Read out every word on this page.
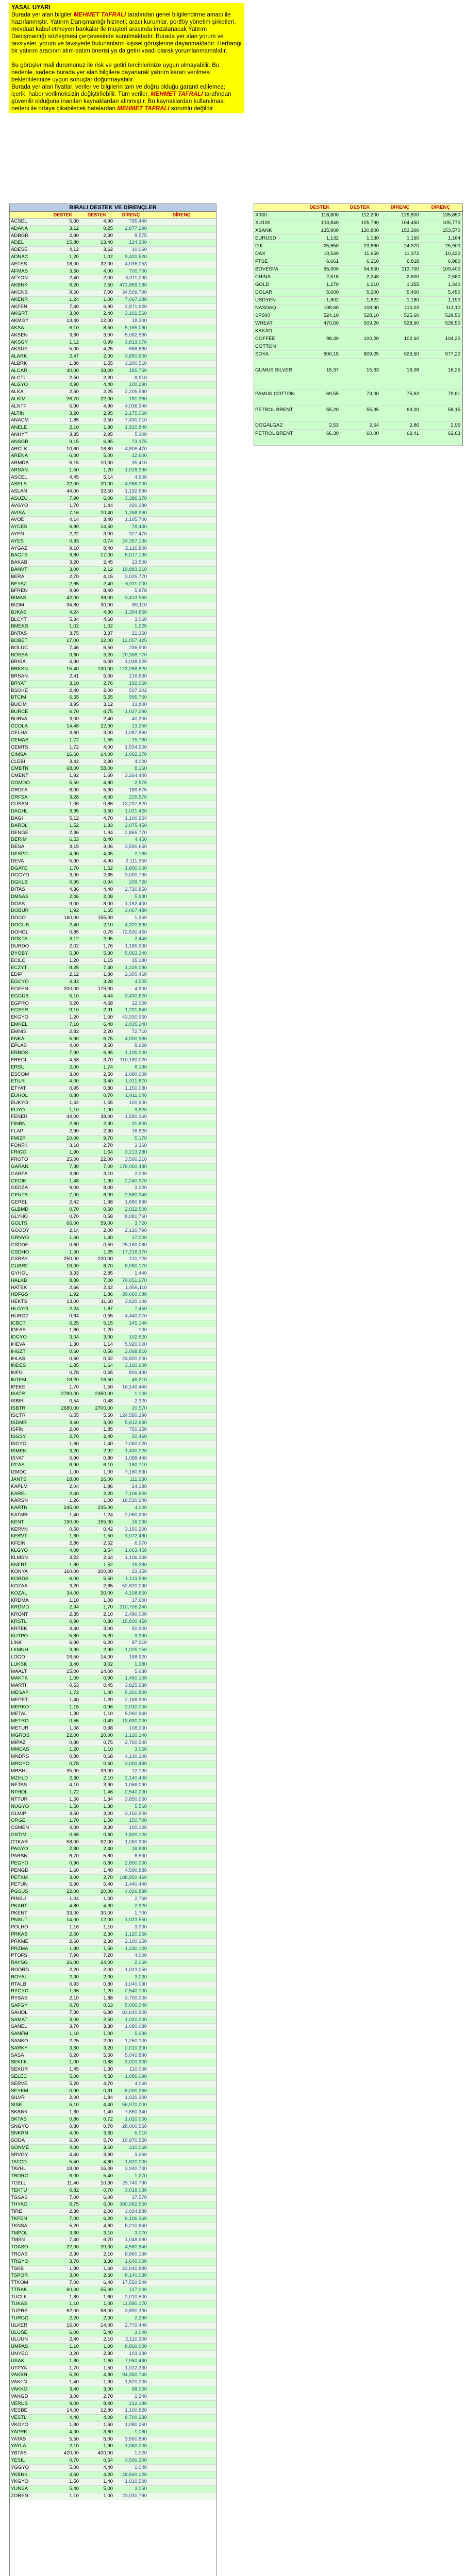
YASAL UYARI

Burada yer alan bilgiler MEHMET TAFRALI tarafından genel bilgilendirme amacı ile hazırlanmıştır. Yatırım Danışmanlığı hizmeti; aracı kurumlar, portföy yönetim şirketleri, mevduat kabul etmeyen bankalar ile müşteri arasında imzalanacak Yatırım Danışmanlığı sözleşmesi çerçevesinde sunulmaktadır. Burada yer alan yorum ve tavsiyeler, yorum ve tavsiyede bulunanların kişisel görüşlerine dayanmaktadır. Herhangi bir yatırım aracının alım-satım önerisi ya da getiri vaadi olarak yorumlanmamalıdır.

Bu görüşler mali durumunuz ile risk ve getiri tercihlerinize uygun olmayabilir. Bu nedenle, sadece burada yer alan bilgilere dayanarak yatırım kararı verilmesi beklentilerinize uygun sonuçlar doğurmayabilir.

Burada yer alan fiyatlar, veriler ve bilgilerin tam ve doğru olduğu garanti edilemez; içerik, haber verilmeksizin değiştirilebilir. Tüm veriler, MEHMET TAFRALI tarafından güvenilir olduğuna inanılan kaynaklardan alınmıştır. Bu kaynaklardan kullanılması nedeni ile ortaya çıkabilecek hatalardan MEHMET TAFRALI sorumlu değildir.

BIRALI DESTEK VE DİRENÇLER
DESTEK	DESTEK	DİRENÇ	DİRENÇ
ACSEL	5,30	4,90	795,440
ADANA	3,12	0,25	2,877,290
ADBGR	2,80	2,30	8,575
ADEL	15,80	13,40	124,300
ADESE	4,12	3,62	10,060
ADNAC	1,20	1,02	9,420,520
AEFES	18,00	32,00	4,036,053
AFMAS	3,60	4,00	700,700
AFYON	2,40	2,00	3,011,090
AKBNK	6,20	7,50	471,869,080
AKCNS	9,50	7,00	34,509,790
AKENR	1,24	1,00	7,067,380
AKFEN	7,40	6,90	2,871,920
AKGRT	3,00	2,40	3,101,560
AKMGY	13,40	12,00	18,300
AKSA	6,10	8,50	5,165,080
AKSEN	3,60	3,00	5,082,560
AKSGY	1,12	0,99	3,813,070
AKSUE	5,00	4,25	688,660
ALARK	2,47	2,00	3,850,600
ALBRK	1,80	1,55	3,200,510
ALCAR	40,00	38,00	185,750
ALCTL	2,50	2,20	8,910
ALGYO	4,90	4,40	100,290
ALKA	2,50	2,25	2,205,580
ALKIM	26,70	22,00	181,360
ALNTF	5,90	4,90	4,036,940
ALTIN	3,20	2,95	2,175,060
ANACM	1,85	2,50	7,430,010
ANELE	2,10	1,90	1,910,840
ANHYT	3,35	2,95	5,300
ANSGR	9,15	6,85	73,375
ARCLK	10,60	16,80	4,806,470
ARENA	6,00	5,00	12,600
ARMDA	6,15	10,00	35,410
ARSAN	1,50	1,20	1,028,390
ASCEL	4,45	5,14	4,600
ASELS	22,00	20,00	4,966,000
ASLAN	44,00	32,50	1,192,690
ASUZU	7,90	6,00	3,386,370
AVGYO	1,70	1,44	420,380
AVISA	7,16	10,40	1,268,960
AVOD	4,14	3,40	1,105,700
AYCES	6,80	14,50	78,440
AYEN	2,22	3,00	327,470
AYES	0,93	0,74	24,397,130
AYGAZ	9,10	8,40	2,116,800
BAGFS	9,80	17,00	5,017,130
BAKAB	3,20	2,45	13,500
BANVT	3,00	2,12	19,883,310
BERA	2,70	4,15	3,025,770
BEYAZ	2,65	2,40	6,011,000
BFREN	9,90	8,40	5,878
BIMAS	42,00	38,00	3,413,960
BIZIM	34,80	30,00	89,110
BJKAS	4,24	4,80	1,394,856
BLCYT	5,34	4,60	3,060
BMEKS	1,02	1,02	1,225
BNTAS	3,75	3,37	21,360
BOBET	17,00	32,00	12,057,425
BOLUC	7,46	6,50	236,900
BOSSA	3,60	3,20	20,358,770
BRISA	4,30	6,00	1,038,920
BRKSN	15,40	130,00	123,068,620
BRSAN	2,41	5,00	216,630
BRYAT	3,10	2,76	192,060
BSOKE	2,40	2,00	507,302
BTCIM	6,55	5,55	995,750
BUCIM	3,95	3,12	33,800
BURCE	6,70	6,75	1,027,290
BURVA	3,00	2,40	40,200
CCOLA	14,48	22,00	13,250
CELHA	3,60	3,00	1,087,860
CEMAS	1,72	1,55	15,760
CEMTS	1,72	4,00	1,534,950
CIMSA	16,60	14,00	1,062,270
CLEBI	3,42	2,80	4,000
CMBTN	68,00	58,00	8,160
CMENT	1,92	1,60	3,264,440
COMDO	5,50	4,80	2,575
CRDFA	6,00	5,30	189,575
CRFSA	3,28	4,00	225,570
CUSAN	1,06	0,86	13,237,820
DAGHL	3,95	3,60	1,021,420
DAGI	5,12	4,70	1,100,964
DARDL	1,52	1,33	2,075,450
DENGE	2,36	1,94	2,865,770
DERIM	6,53	8,40	4,450
DESA	3,15	3,06	3,590,650
DESPC	4,90	4,35	2,180
DEVA	5,30	4,90	2,111,350
DGATE	1,70	1,62	1,800,000
DGGYO	3,00	2,65	3,000,790
DGKLB	0,95	0,94	209,720
DITAS	4,36	4,40	2,720,850
DMSAS	2,46	2,08	5,930
DOAS	9,00	8,00	1,162,400
DOBUR	1,92	1,65	3,067,480
DOCO	160,00	155,00	1,250
DOGUB	2,40	2,10	4,320,630
DOHOL	0,85	0,76	72,500,460
DOKTA	3,12	2,95	2,440
DURDO	2,02	1,76	1,185,930
DYOBY	5,30	5,30	5,063,340
ECILC	1,20	1,15	35,180
ECZYT	8,25	7,40	1,225,080
EDIP	2,12	1,80	2,305,460
EGCYO	4,32	3,28	4,525
EGEEN	200,00	175,00	4,900
EGGUB	5,10	4,44	3,430,620
EGPRO	5,20	4,68	12,000
EGSER	3,10	2,91	1,231,640
EKGYO	1,20	1,00	43,330,960
EMKEL	7,10	6,40	2,035,240
EMNIS	2,82	2,20	72,710
ENKAI	5,90	6,75	4,000,980
EPLAS	4,00	3,50	8,620
ERBOS	7,90	6,95	1,105,000
EREGL	4,58	3,70	110,180,020
ERSU	2,00	1,74	8,180
ESCOM	3,00	2,50	1,080,000
ETILR	4,00	3,40	1,011,870
ETYAT	0,95	0,80	1,150,080
EUHOL	0,80	0,70	1,011,040
EUKYO	1,62	1,55	120,900
EUYO	1,10	1,00	9,820
FENER	44,00	38,00	1,580,360
FINBN	2,60	2,30	31,600
FLAP	2,90	2,30	16,820
FMIZP	10,00	9,70	5,170
FONFK	3,10	2,70	3,360
FRIGO	1,90	1,64	3,213,280
FROTO	25,00	22,00	3,500,210
GARAN	7,30	7,00	178,060,480
GARFA	3,80	3,10	2,000
GEDIK	1,48	1,30	2,240,370
GEDZA	9,00	8,00	3,220
GENTS	7,00	6,00	2,580,340
GEREL	2,42	1,98	1,680,890
GLBMD	0,70	0,60	2,022,500
GLYHO	0,70	0,58	8,081,760
GOLTS	66,00	59,00	3,720
GOODY	2,14	2,00	2,120,790
GRNYO	1,60	1,40	17,000
GSDDE	0,60	0,59	25,160,080
GSDHO	1,50	1,25	17,218,370
GSRAY	250,00	220,00	110,720
GUBRF	16,00	8,70	8,060,170
GYHOL	3,33	2,85	1,440
HALKB	8,88	7,00	70,051,670
HATEK	2,66	2,42	1,056,110
HDFGS	1,92	1,86	39,060,080
HEKTS	13,00	11,60	3,620,140
HLGYO	2,24	1,87	7,450
HURGZ	0,64	0,55	4,440,070
ICBCT	6,25	5,15	145,140
IDEAS	1,60	1,20	100
IDGYO	3,04	3,00	102,620
IHEVA	1,30	1,14	5,920,000
IHGZT	0,60	0,56	2,068,810
IHLAS	0,60	0,52	24,820,000
INDES	1,85	1,64	3,160,600
INFO	0,78	0,65	800,430
INTEM	18,20	16,50	45,210
IPEKE	1,70	1,50	16,140,440
ISATR	2780,00	2350,00	1,100
ISBIR	0,54	0,48	2,320
ISBTR	2680,00	2700,00	20,570
ISCTR	6,55	5,50	124,580,290
ISDMR	3,60	3,00	5,612,640
ISFIN	2,00	1,85	750,350
ISGSY	2,70	2,40	50,460
ISGYO	1,60	1,40	7,060,020
ISMEN	3,20	2,92	1,430,020
ISYAT	0,90	0,80	1,088,440
IZFAS	6,90	6,10	180,710
IZMDC	1,00	1,00	7,180,530
JANTS	18,00	16,00	111,230
KAPLM	2,04	1,86	24,180
KAREL	2,40	2,20	7,106,620
KARSN	1,26	1,00	18,530,940
KARTN	245,00	235,00	4,000
KATMR	1,40	1,24	2,060,200
KENT	190,00	155,00	16,030
KERVN	0,50	0,42	3,150,200
KERVT	1,60	1,50	1,072,480
KFEIN	2,80	2,52	6,970
KLGYO	4,00	3,54	1,063,450
KLMSN	3,22	2,64	1,106,340
KNFRT	1,80	1,52	15,280
KONYA	160,00	200,00	23,350
KORDS	6,00	5,50	1,113,590
KOZAA	3,20	2,85	52,620,090
KOZAL	34,00	30,00	4,108,650
KRDMA	1,10	1,00	17,600
KRDMD	2,94	1,70	210,706,240
KRONT	2,35	2,10	2,490,000
KRSTL	0,90	0,80	15,800,450
KRTEK	3,40	3,00	50,900
KUTPO	5,80	5,20	9,390
LINK	6,90	6,20	87,210
LKMNH	3,30	2,90	1,025,150
LOGO	16,50	14,00	168,920
LUKSK	3,40	3,02	1,380
MAALT	15,00	14,00	5,630
MAKTK	1,00	0,90	1,460,100
MARTI	0,53	0,45	3,825,930
MEGAP	1,72	1,40	5,201,800
MEPET	1,40	1,20	2,168,900
MERKO	1,15	0,96	2,030,000
METAL	1,30	1,10	5,060,940
METRO	0,55	0,49	13,630,000
METUR	1,08	0,98	108,000
MGROS	22,00	20,00	1,120,140
MIPAZ	0,80	0,75	2,700,540
MMCAS	1,20	1,10	3,050
MNDRS	0,80	0,68	4,130,200
MRGYO	0,78	0,60	3,000,490
MRSHL	35,00	33,00	12,130
MZHLD	2,30	2,10	2,140,400
NETAS	4,10	3,90	1,066,090
NTHOL	1,72	1,46	2,540,000
NTTUR	1,50	1,34	3,850,060
NUGYO	1,50	1,30	5,560
OLMIP	3,50	3,00	3,150,500
ORGE	1,70	1,50	150,700
OSMEN	4,00	3,30	100,120
OSTIM	0,68	0,60	1,800,120
OTKAR	58,00	52,00	1,050,900
PAGYO	2,80	2,40	18,830
PARSN	6,70	5,80	6,530
PEGYO	0,90	0,80	2,800,000
PENGD	1,60	1,40	4,590,880
PETKM	3,00	2,70	108,950,460
PETUN	5,90	5,40	1,440,440
PGSUS	22,00	20,00	4,026,890
PINSU	1,04	1,00	2,760
PKART	4,80	4,30	2,920
PKENT	33,00	30,00	1,700
PNSUT	14,00	12,00	1,023,550
POLHO	1,16	1,10	3,000
PRKAB	2,60	2,30	1,120,260
PRKME	2,60	2,30	2,100,150
PRZMA	1,80	1,50	1,230,120
PTOFS	7,90	7,20	4,000
RAYSG	26,00	24,00	2,060
RODRG	2,20	2,00	1,023,050
ROYAL	2,30	2,00	3,030
RTALB	0,93	0,80	1,040,090
RYGYO	1,36	1,20	2,540,100
RYSAS	2,10	1,88	3,700,000
SAFGY	0,70	0,63	5,000,040
SAHOL	7,30	6,80	83,640,900
SAMAT	3,00	2,50	1,020,000
SANEL	3,70	3,30	1,080,080
SANFM	1,10	1,00	5,230
SANKO	2,25	2,00	1,250,100
SARKY	3,60	3,20	2,010,300
SASA	6,20	5,50	5,040,890
SEKFK	1,00	0,88	3,020,300
SEKUR	1,45	1,30	110,000
SELEC	5,00	4,50	1,086,090
SERVE	5,20	4,70	4,060
SEYKM	0,90	0,81	6,000,260
SILVR	2,00	1,84	1,020,300
SISE	5,10	4,40	56,970,000
SKBNK	1,60	1,40	7,860,340
SKTAS	0,80	0,72	1,020,050
SNGYO	0,80	0,70	28,000,550
SNKRN	4,00	3,60	5,010
SODA	6,50	5,70	10,970,550
SONME	4,00	3,60	310,060
SRVGY	4,40	3,90	3,260
TATGD	5,40	4,80	1,620,000
TAVHL	18,00	16,00	3,940,740
TBORG	6,00	5,40	1,270
TCELL	11,40	10,30	29,740,790
TEKTU	0,82	0,70	3,018,030
TGSAS	7,00	6,00	17,570
THYAO	6,75	6,00	380,082,550
TIRE	2,30	2,00	3,034,880
TKFEN	7,00	6,20	6,106,360
TKNSA	5,20	4,60	5,210,640
TMPOL	3,60	3,10	3,070
TMSN	7,40	6,70	1,048,990
TOASO	22,00	20,00	4,580,840
TRCAS	2,30	2,10	8,860,130
TRGYO	3,70	3,30	1,640,000
TSKB	1,80	1,60	23,040,880
TSPOR	3,00	2,60	8,140,030
TTKOM	7,00	6,40	17,550,540
TTRAK	60,00	55,00	117,000
TUCLK	1,80	1,60	2,010,500
TUKAS	1,10	1,00	11,580,170
TUPRS	62,00	58,00	3,890,330
TURGG	2,20	2,00	2,290
ULKER	16,00	14,00	2,770,440
ULUSE	6,00	5,40	3,040
ULUUN	2,40	2,10	2,110,200
UMPAS	1,10	1,00	8,860,000
UNYEC	3,20	2,80	103,230
USAK	1,80	1,60	7,950,480
UTPYA	1,70	1,50	1,022,330
VAKBN	5,20	4,80	94,350,740
VAKFN	1,40	1,30	1,520,000
VAKKO	3,40	3,00	98,000
VANGD	3,00	2,70	1,340
VERUS	9,00	8,40	212,180
VESBE	14,00	12,80	1,100,820
VESTL	4,40	4,00	8,700,330
VKGYO	1,80	1,60	1,080,260
YAPRK	4,00	3,60	1,080
YATAS	5,50	5,00	3,560,890
YAYLA	2,10	1,90	1,060,000
YBTAS	420,00	400,00	1,020
YESIL	0,70	0,64	3,500,200
YGGYO	5,00	4,40	1,040
YKBNK	4,60	4,20	48,660,120
YKGYO	1,50	1,40	1,010,500
YUNSA	5,40	5,00	3,050
ZOREN	1,10	1,00	23,030,780
DESTEK	DESTEK	DİRENÇ	DİRENÇ
X030	118,800	112,200	129,800	135,850
XU100	103,840	105,790	104,450	105,770
XBANK	135,900	130,800	153,300	153,570
EURUSD	1,132	1,130	1,160	1,164
DJI	25,650	23,860	24,370	25,900
DAX	10,540	11,650	11,372	10,420
FTSE	6,661	6,210	6,818	6,980
BOVESPA	95,300	94,650	113,700	109,400
CHINA	2,518	2,248	2,600	2,680
GOLD	1,270	1,210	1,355	1,340
DOLAR	5,600	5,200	5,400	5,450
USDYEN	1,802	1,822	1,180	1,190
NASDAQ	108,60	108,90	110,02	111,10
SP500	524,10	528,10	525,60	529,50
WHEAT	470,60	509,20	528,90	539,50
KAKAO
COFFEE	98,40	100,20	102,60	104,20
COTTON
SOYA	800,15	809,25	923,50	977,20
GUMUS SILVER	15,37	15,63	16,08	16,25
PAMUK COTTON	69,55	73,00	75,62	79,61
PETROL BRENT	55,20	55,35	63,00	58,15
DOGALGAZ	2,53	2,54	2,86	2,95
PETROL BRENT	66,30	60,00	62,41	62,63
